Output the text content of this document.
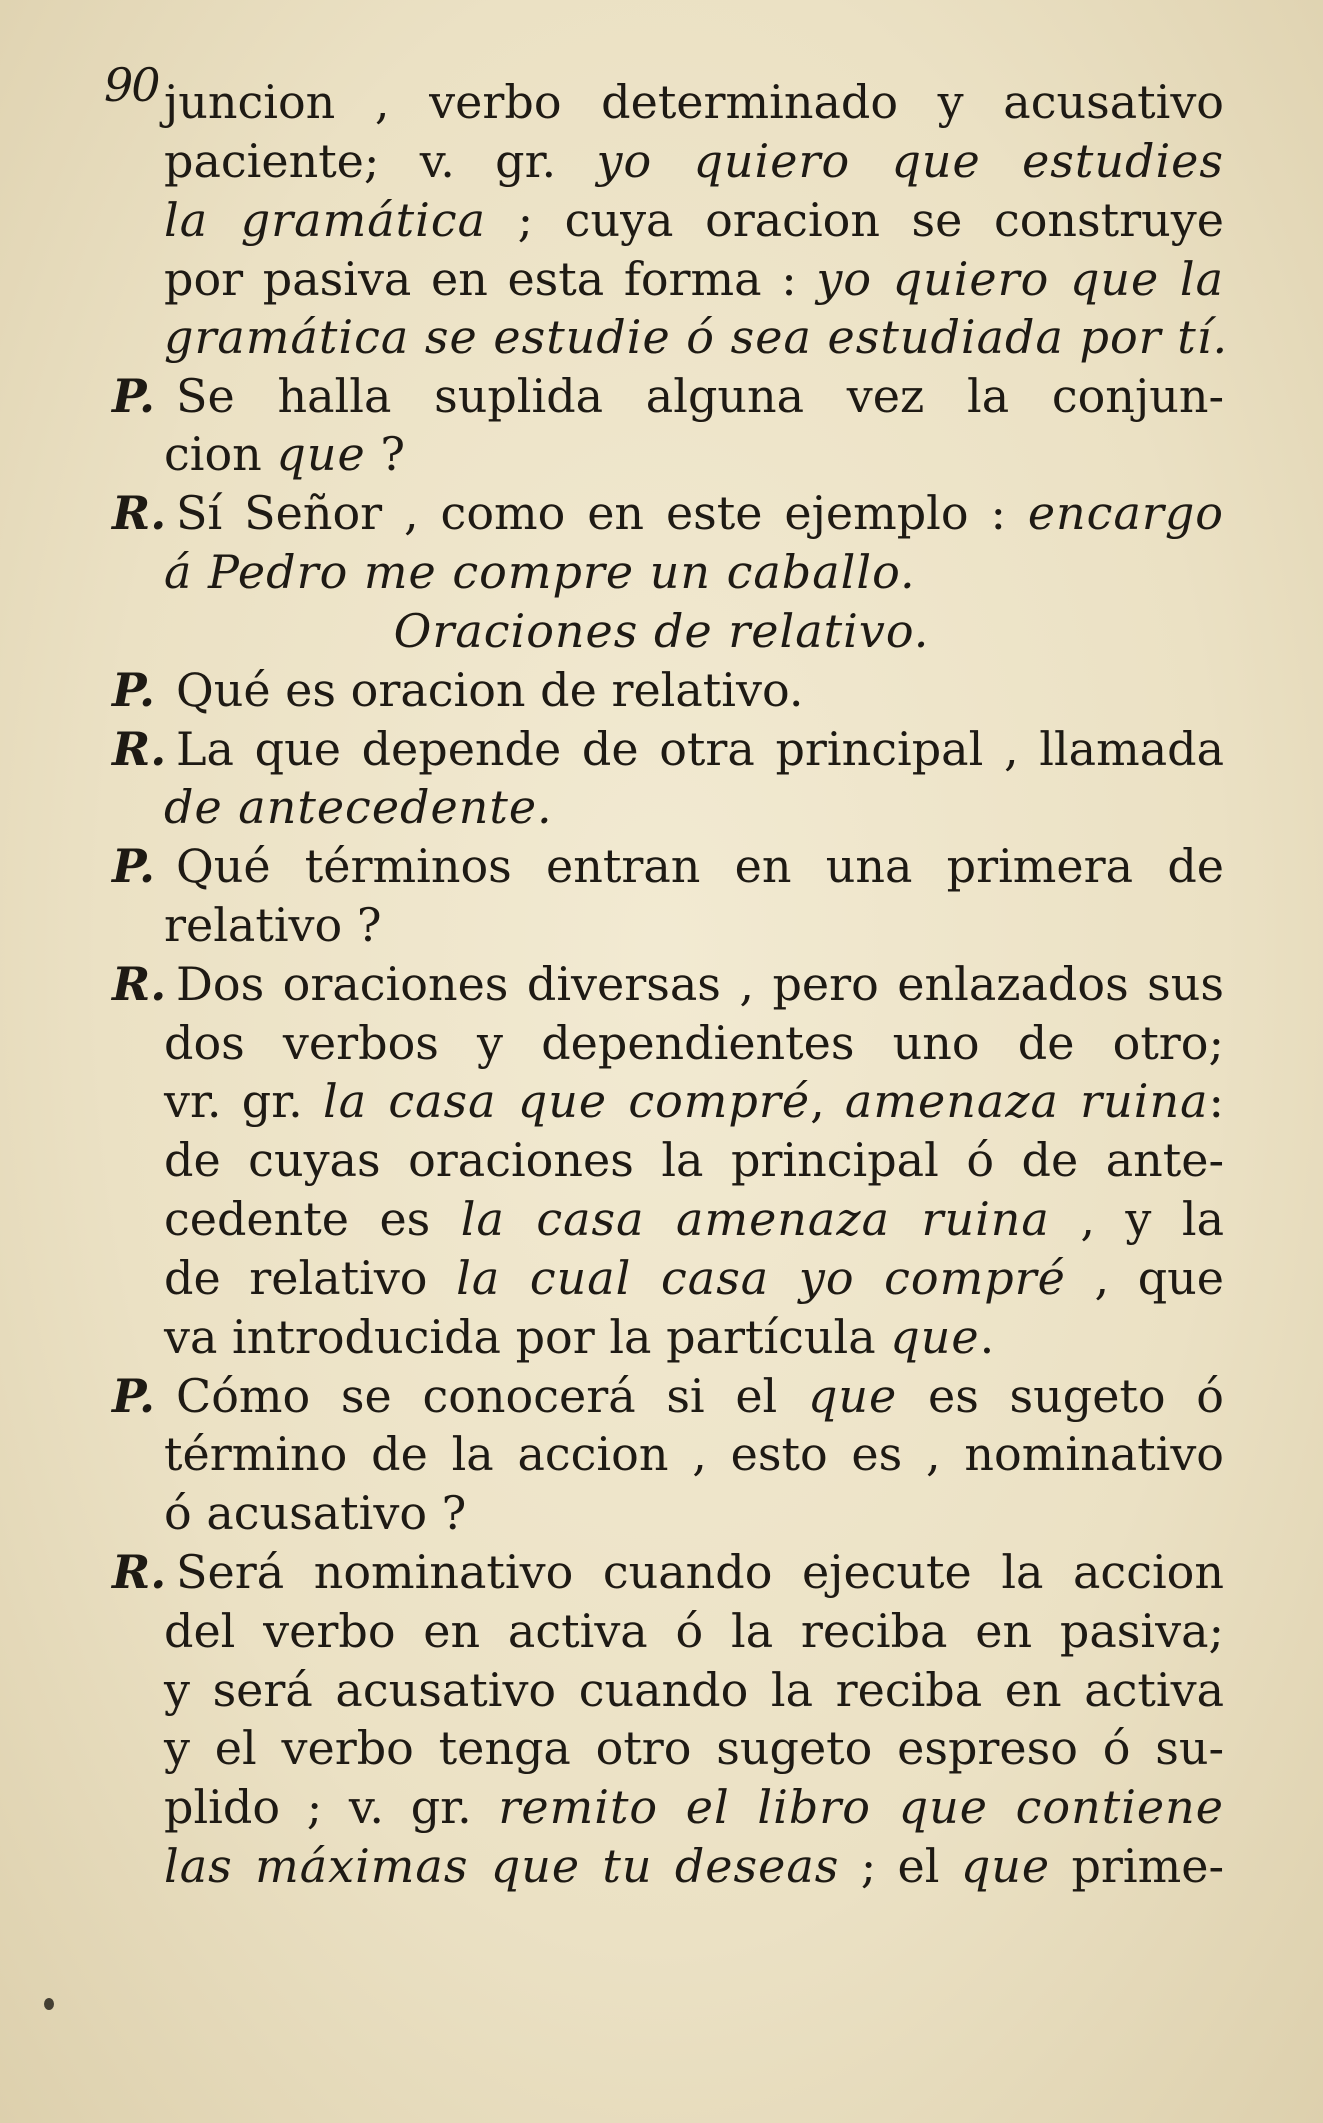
90 juncion , verbo determinado y acusativo
paciente; v. gr. yo quiero que estudies
la gramática ; cuya oracion se construye
por pasiva en esta forma : yo quiero que la
gramática se estudie ó sea estudiada por tí.
P. Se halla suplida alguna vez la conjun-
cion que ?
R. Sí Señor , como en este ejemplo : encargo
á Pedro me compre un caballo.
Oraciones de relativo.
P. Qué es oracion de relativo.
R. La que depende de otra principal , llamada
de antecedente.
P. Qué términos entran en una primera de
relativo ?
R. Dos oraciones diversas , pero enlazados sus
dos verbos y dependientes uno de otro;
vr. gr. la casa que compré, amenaza ruina:
de cuyas oraciones la principal ó de ante-
cedente es la casa amenaza ruina , y la
de relativo la cual casa yo compré , que
va introducida por la partícula que.
P. Cómo se conocerá si el que es sugeto ó
término de la accion , esto es , nominativo
ó acusativo ?
R. Será nominativo cuando ejecute la accion
del verbo en activa ó la reciba en pasiva;
y será acusativo cuando la reciba en activa
y el verbo tenga otro sugeto espreso ó su-
plido ; v. gr. remito el libro que contiene
las máximas que tu deseas ; el que prime-
